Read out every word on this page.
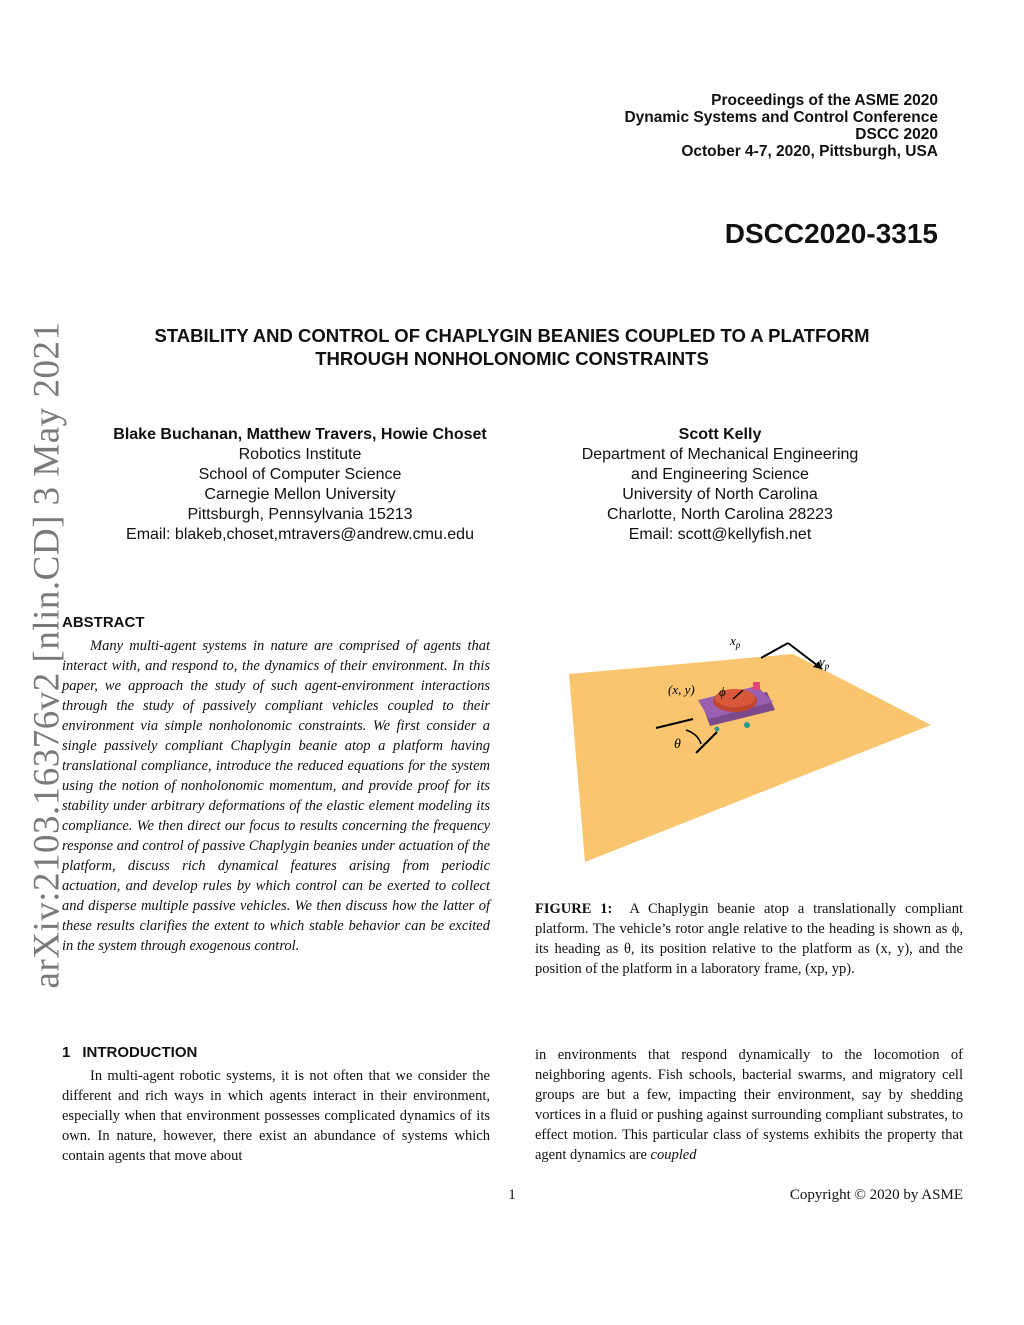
arXiv:2103.16376v2 [nlin.CD] 3 May 2021
Proceedings of the ASME 2020
Dynamic Systems and Control Conference
DSCC 2020
October 4-7, 2020, Pittsburgh, USA
DSCC2020-3315
STABILITY AND CONTROL OF CHAPLYGIN BEANIES COUPLED TO A PLATFORM
THROUGH NONHOLONOMIC CONSTRAINTS
Blake Buchanan, Matthew Travers, Howie Choset
Robotics Institute
School of Computer Science
Carnegie Mellon University
Pittsburgh, Pennsylvania 15213
Email: blakeb,choset,mtravers@andrew.cmu.edu
Scott Kelly
Department of Mechanical Engineering
and Engineering Science
University of North Carolina
Charlotte, North Carolina 28223
Email: scott@kellyfish.net
ABSTRACT

Many multi-agent systems in nature are comprised of agents that interact with, and respond to, the dynamics of their environment. In this paper, we approach the study of such agent-environment interactions through the study of passively compliant vehicles coupled to their environment via simple nonholonomic constraints. We first consider a single passively compliant Chaplygin beanie atop a platform having translational compliance, introduce the reduced equations for the system using the notion of nonholonomic momentum, and provide proof for its stability under arbitrary deformations of the elastic element modeling its compliance. We then direct our focus to results concerning the frequency response and control of passive Chaplygin beanies under actuation of the platform, discuss rich dynamical features arising from periodic actuation, and develop rules by which control can be exerted to collect and disperse multiple passive vehicles. We then discuss how the latter of these results clarifies the extent to which stable behavior can be excited in the system through exogenous control.

$x_p$
$y_p$
ϕ
(x, y)
θ

FIGURE 1: A Chaplygin beanie atop a translationally compliant platform. The vehicle’s rotor angle relative to the heading is shown as ϕ, its heading as θ, its position relative to the platform as (x, y), and the position of the platform in a laboratory frame, (xp, yp).

1 INTRODUCTION

In multi-agent robotic systems, it is not often that we consider the different and rich ways in which agents interact in their environment, especially when that environment possesses complicated dynamics of its own. In nature, however, there exist an abundance of systems which contain agents that move about

in environments that respond dynamically to the locomotion of neighboring agents. Fish schools, bacterial swarms, and migratory cell groups are but a few, impacting their environment, say by shedding vortices in a fluid or pushing against surrounding compliant substrates, to effect motion. This particular class of systems exhibits the property that agent dynamics are coupled

1	Copyright © 2020 by ASME
